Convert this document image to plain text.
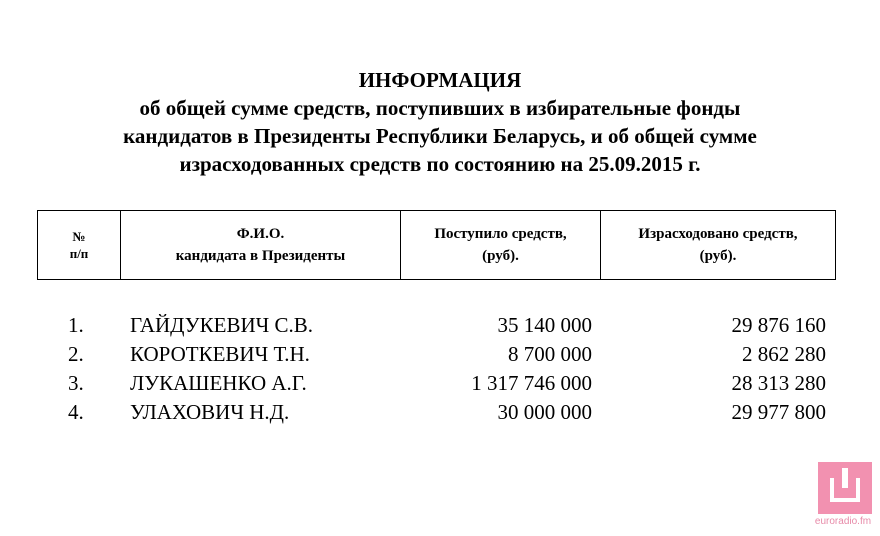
ИНФОРМАЦИЯ
об общей сумме средств, поступивших в избирательные фонды
кандидатов в Президенты Республики Беларусь, и об общей сумме
израсходованных средств по состоянию на 25.09.2015 г.
№
п/п

Ф.И.О.
кандидата в Президенты

Поступило средств,
(руб).

Израсходовано средств,
(руб).
1. ГАЙДУКЕВИЧ С.В.	35 140 000	29 876 160
2. КОРОТКЕВИЧ Т.Н.	8 700 000	2 862 280
3. ЛУКАШЕНКО А.Г.	1 317 746 000	28 313 280
4. УЛАХОВИЧ Н.Д.	30 000 000	29 977 800
euroradio.fm
